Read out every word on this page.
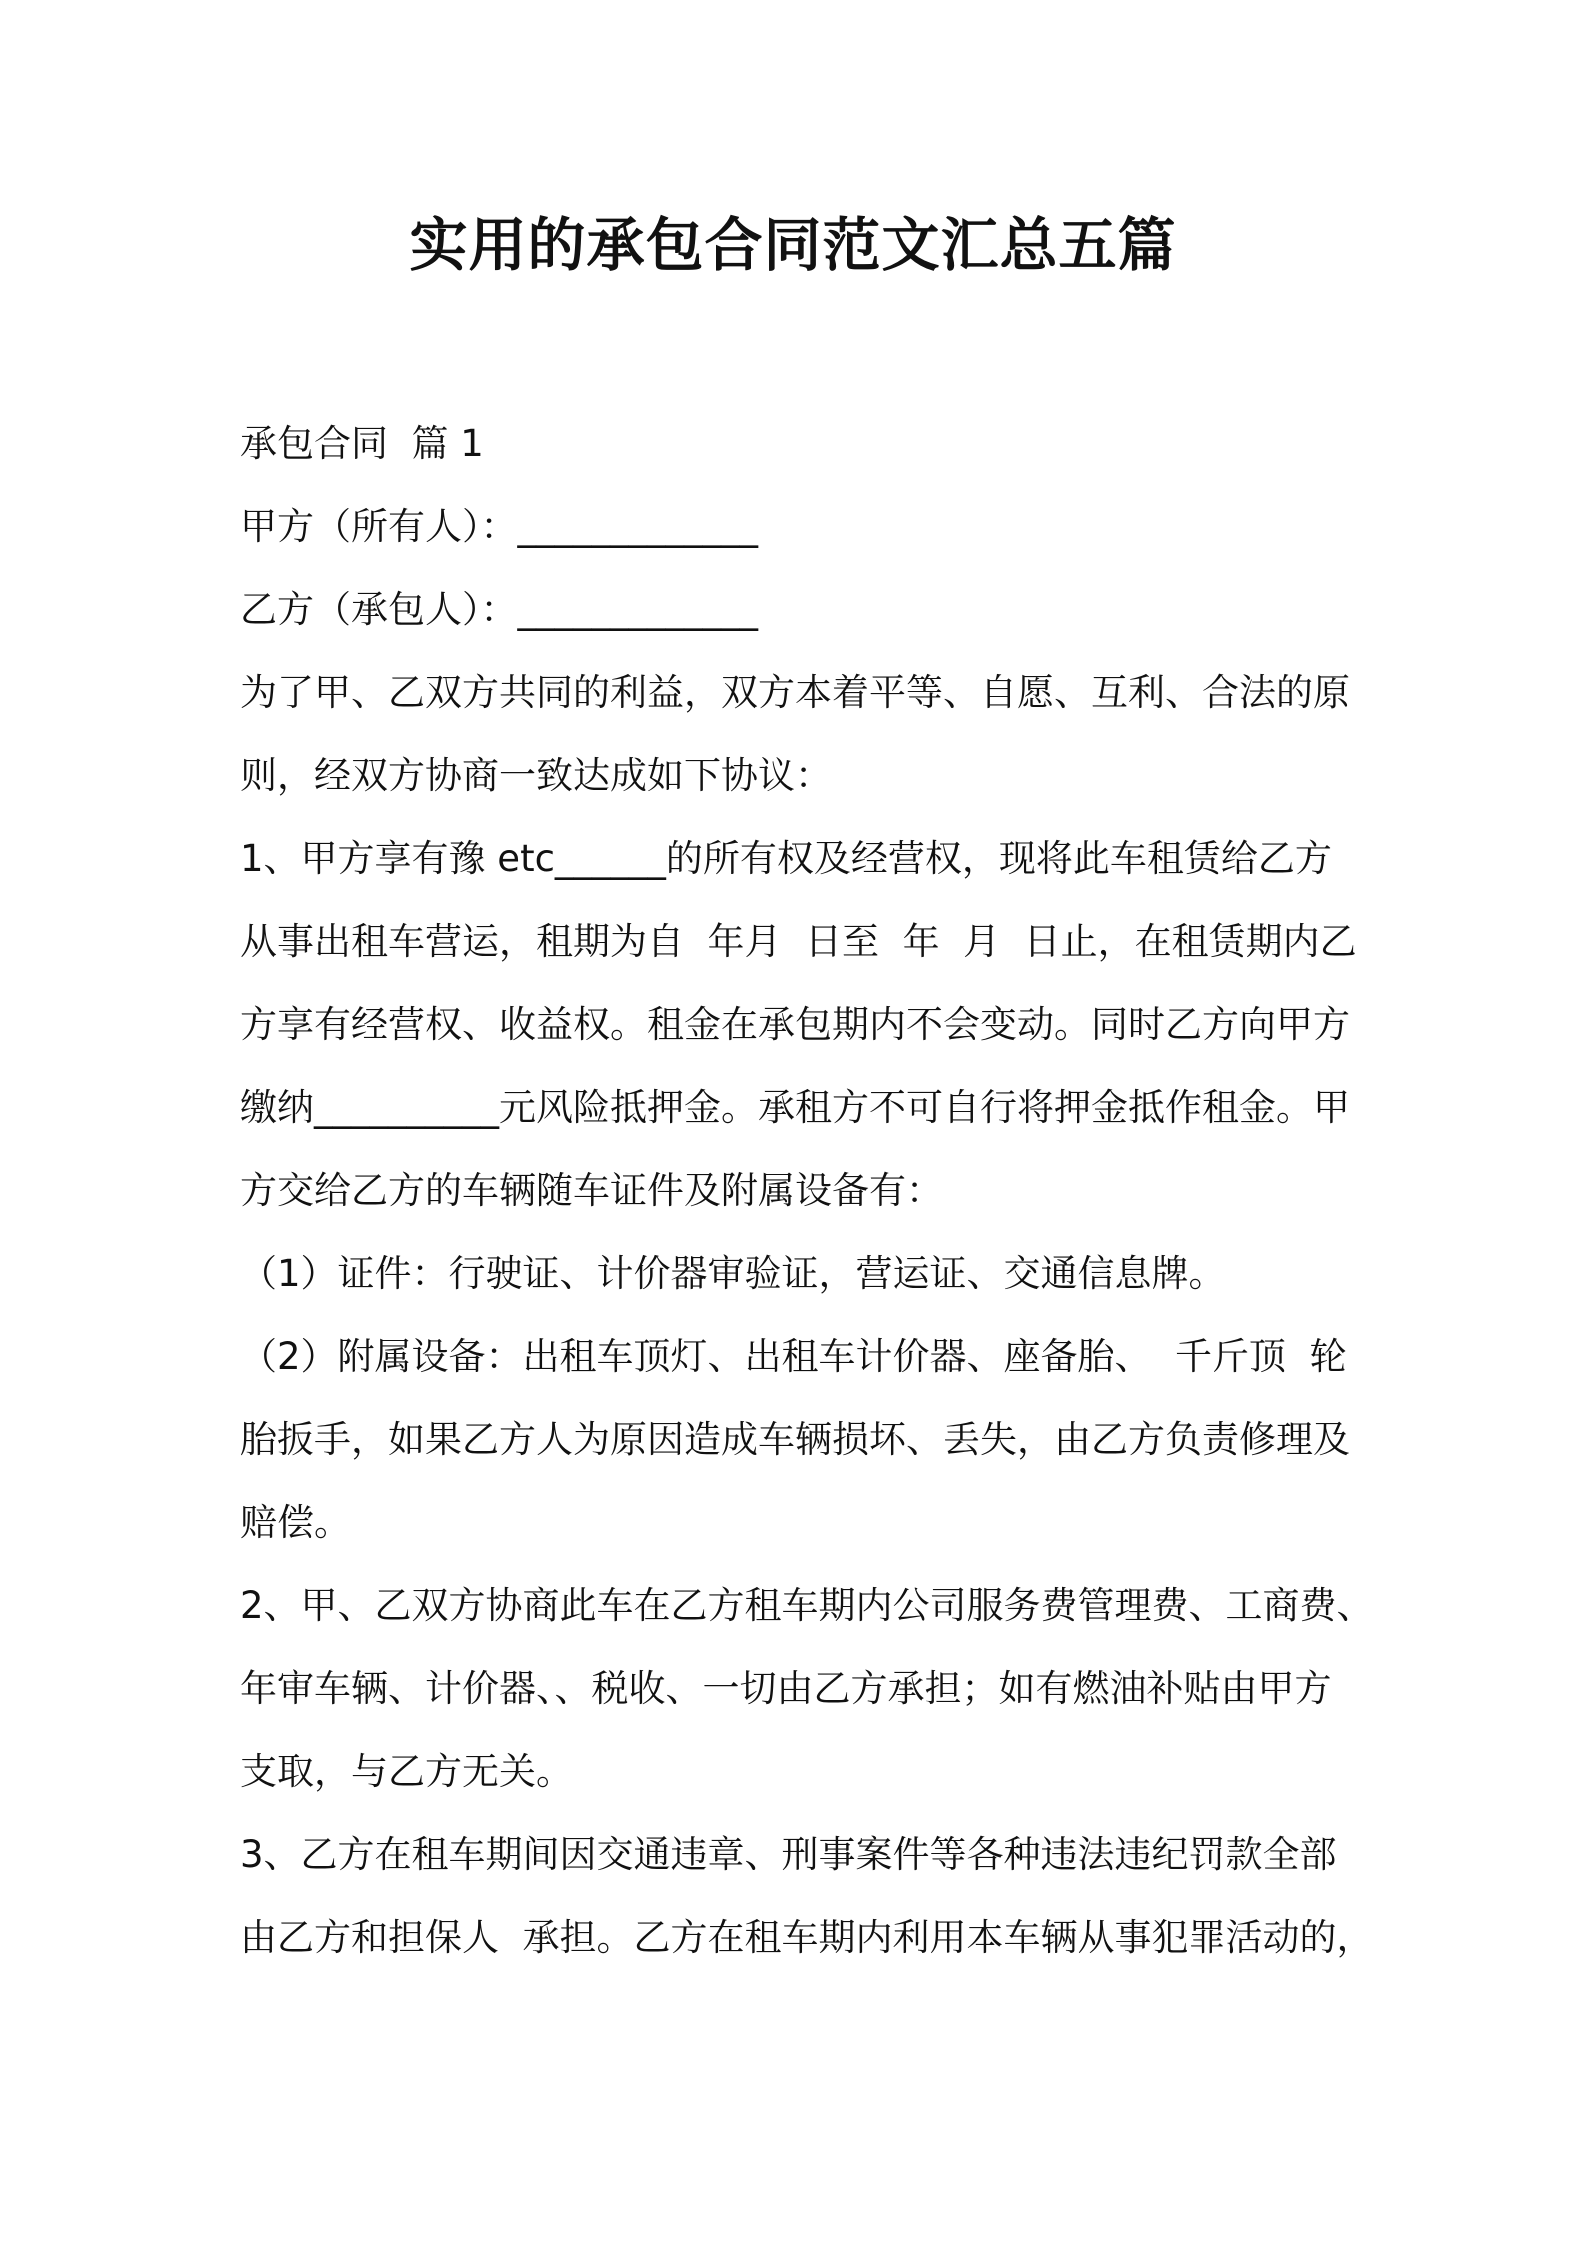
实用的承包合同范文汇总五篇
承包合同  篇 1
甲方（所有人）：_____________
乙方（承包人）：_____________
为了甲、乙双方共同的利益，双方本着平等、自愿、互利、合法的原
则，经双方协商一致达成如下协议：
1、甲方享有豫 etc______的所有权及经营权，现将此车租赁给乙方
从事出租车营运，租期为自  年月  日至  年  月  日止，在租赁期内乙
方享有经营权、收益权。租金在承包期内不会变动。同时乙方向甲方
缴纳__________元风险抵押金。承租方不可自行将押金抵作租金。甲
方交给乙方的车辆随车证件及附属设备有：
（1）证件：行驶证、计价器审验证，营运证、交通信息牌。
（2）附属设备：出租车顶灯、出租车计价器、座备胎、  千斤顶  轮
胎扳手，如果乙方人为原因造成车辆损坏、丢失，由乙方负责修理及
赔偿。
2、甲、乙双方协商此车在乙方租车期内公司服务费管理费、工商费、
年审车辆、计价器、、税收、一切由乙方承担；如有燃油补贴由甲方
支取，与乙方无关。
3、乙方在租车期间因交通违章、刑事案件等各种违法违纪罚款全部
由乙方和担保人  承担。乙方在租车期内利用本车辆从事犯罪活动的，
